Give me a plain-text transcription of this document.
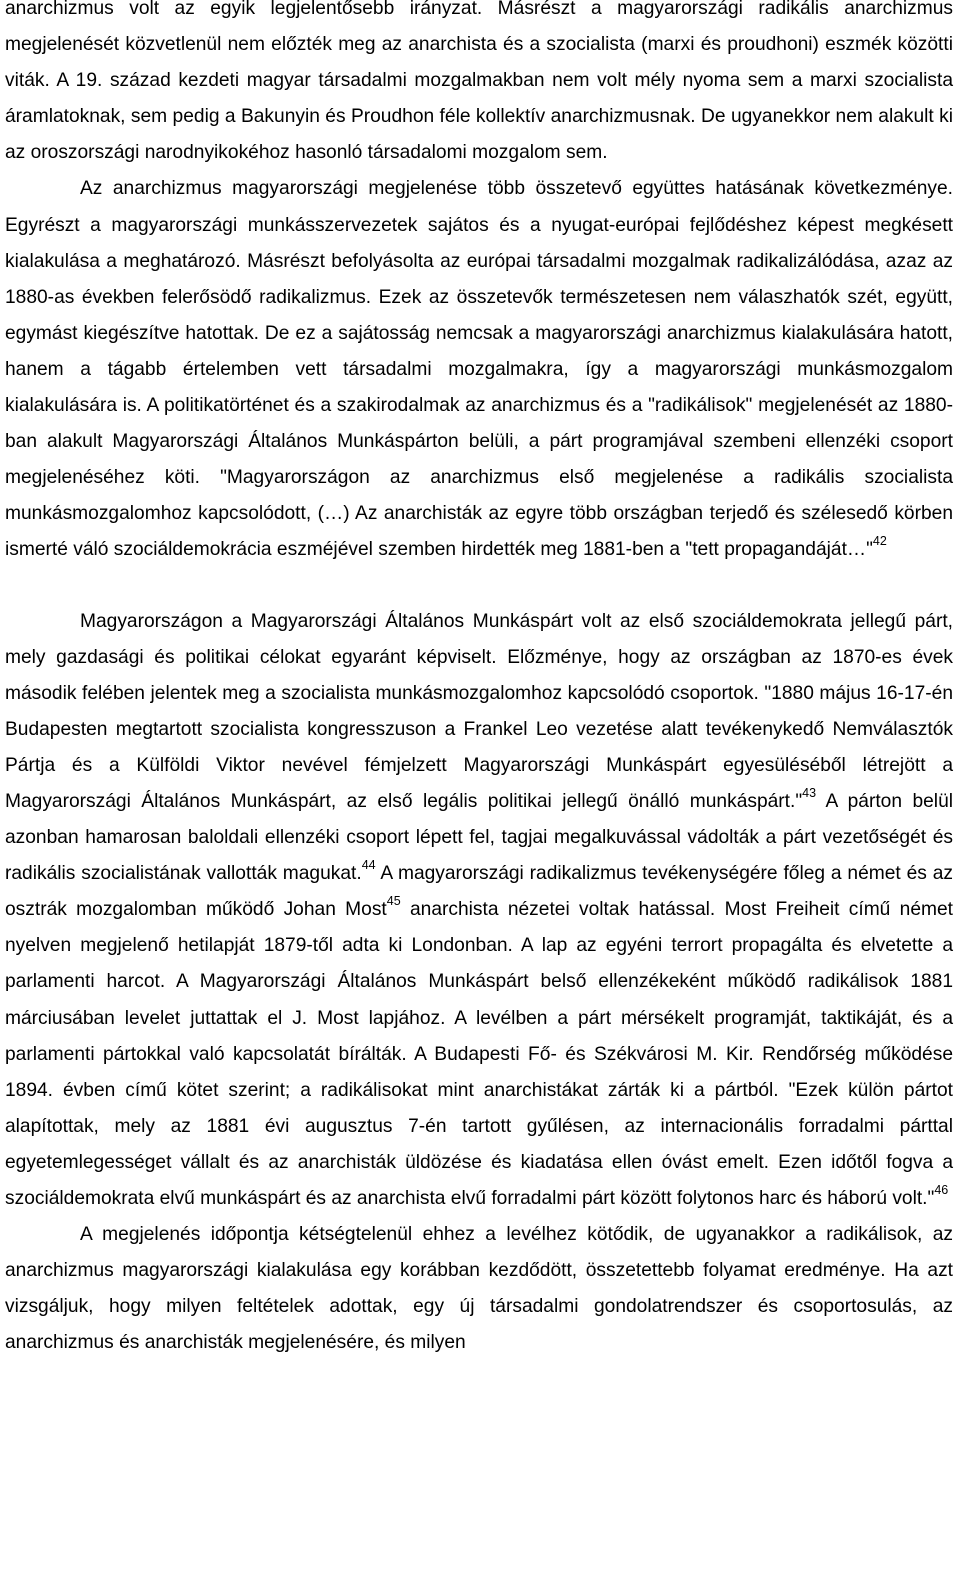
anarchizmus volt az egyik legjelentősebb irányzat. Másrészt a magyarországi radikális anarchizmus megjelenését közvetlenül nem előzték meg az anarchista és a szocialista (marxi és proudhoni) eszmék közötti viták. A 19. század kezdeti magyar társadalmi mozgalmakban nem volt mély nyoma sem a marxi szocialista áramlatoknak, sem pedig a Bakunyin és Proudhon féle kollektív anarchizmusnak. De ugyanekkor nem alakult ki az oroszországi narodnyikokéhoz hasonló társadalomi mozgalom sem.

Az anarchizmus magyarországi megjelenése több összetevő együttes hatásának következménye. Egyrészt a magyarországi munkásszervezetek sajátos és a nyugat-európai fejlődéshez képest megkésett kialakulása a meghatározó. Másrészt befolyásolta az európai társadalmi mozgalmak radikalizálódása, azaz az 1880-as években felerősödő radikalizmus. Ezek az összetevők természetesen nem válaszhatók szét, együtt, egymást kiegészítve hatottak. De ez a sajátosság nemcsak a magyarországi anarchizmus kialakulására hatott, hanem a tágabb értelemben vett társadalmi mozgalmakra, így a magyarországi munkásmozgalom kialakulására is. A politikatörténet és a szakirodalmak az anarchizmus és a "radikálisok" megjelenését az 1880-ban alakult Magyarországi Általános Munkáspárton belüli, a párt programjával szembeni ellenzéki csoport megjelenéséhez köti. "Magyarországon az anarchizmus első megjelenése a radikális szocialista munkásmozgalomhoz kapcsolódott, (…) Az anarchisták az egyre több országban terjedő és szélesedő körben ismerté váló szociáldemokrácia eszméjével szemben hirdették meg 1881-ben a "tett propagandáját…"$^{42}$

Magyarországon a Magyarországi Általános Munkáspárt volt az első szociáldemokrata jellegű párt, mely gazdasági és politikai célokat egyaránt képviselt. Előzménye, hogy az országban az 1870-es évek második felében jelentek meg a szocialista munkásmozgalomhoz kapcsolódó csoportok. "1880 május 16-17-én Budapesten megtartott szocialista kongresszuson a Frankel Leo vezetése alatt tevékenykedő Nemválasztók Pártja és a Külföldi Viktor nevével fémjelzett Magyarországi Munkáspárt egyesüléséből létrejött a Magyarországi Általános Munkáspárt, az első legális politikai jellegű önálló munkáspárt."$^{43}$ A párton belül azonban hamarosan baloldali ellenzéki csoport lépett fel, tagjai megalkuvással vádolták a párt vezetőségét és radikális szocialistának vallották magukat.$^{44}$ A magyarországi radikalizmus tevékenységére főleg a német és az osztrák mozgalomban működő Johan Most$^{45}$ anarchista nézetei voltak hatással. Most Freiheit című német nyelven megjelenő hetilapját 1879-től adta ki Londonban. A lap az egyéni terrort propagálta és elvetette a parlamenti harcot. A Magyarországi Általános Munkáspárt belső ellenzékeként működő radikálisok 1881 márciusában levelet juttattak el J. Most lapjához. A levélben a párt mérsékelt programját, taktikáját, és a parlamenti pártokkal való kapcsolatát bírálták. A Budapesti Fő- és Székvárosi M. Kir. Rendőrség működése 1894. évben című kötet szerint; a radikálisokat mint anarchistákat zárták ki a pártból. "Ezek külön pártot alapítottak, mely az 1881 évi augusztus 7-én tartott gyűlésen, az internacionális forradalmi párttal egyetemlegességet vállalt és az anarchisták üldözése és kiadatása ellen óvást emelt. Ezen időtől fogva a szociáldemokrata elvű munkáspárt és az anarchista elvű forradalmi párt között folytonos harc és háború volt."$^{46}$

A megjelenés időpontja kétségtelenül ehhez a levélhez kötődik, de ugyanakkor a radikálisok, az anarchizmus magyarországi kialakulása egy korábban kezdődött, összetettebb folyamat eredménye. Ha azt vizsgáljuk, hogy milyen feltételek adottak, egy új társadalmi gondolatrendszer és csoportosulás, az anarchizmus és anarchisták megjelenésére, és milyen
